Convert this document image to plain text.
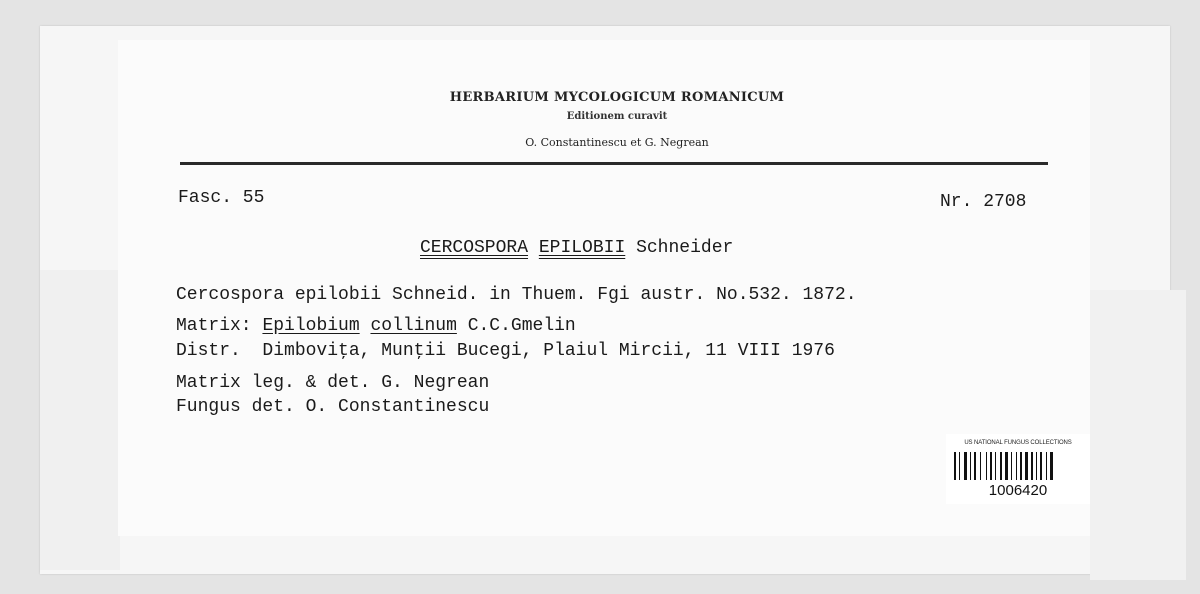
HERBARIUM MYCOLOGICUM ROMANICUM
Editionem curavit
O. Constantinescu et G. Negrean
Fasc. 55	Nr. 2708
CERCOSPORA EPILOBII Schneider
Cercospora epilobii Schneid. in Thuem. Fgi austr. No.532. 1872.
Matrix: Epilobium collinum C.C.Gmelin
Distr. Dimboviţa, Munţii Bucegi, Plaiul Mircii, 11 VIII 1976
Matrix leg. & det. G. Negrean
Fungus det. O. Constantinescu
US NATIONAL FUNGUS COLLECTIONS
1006420
